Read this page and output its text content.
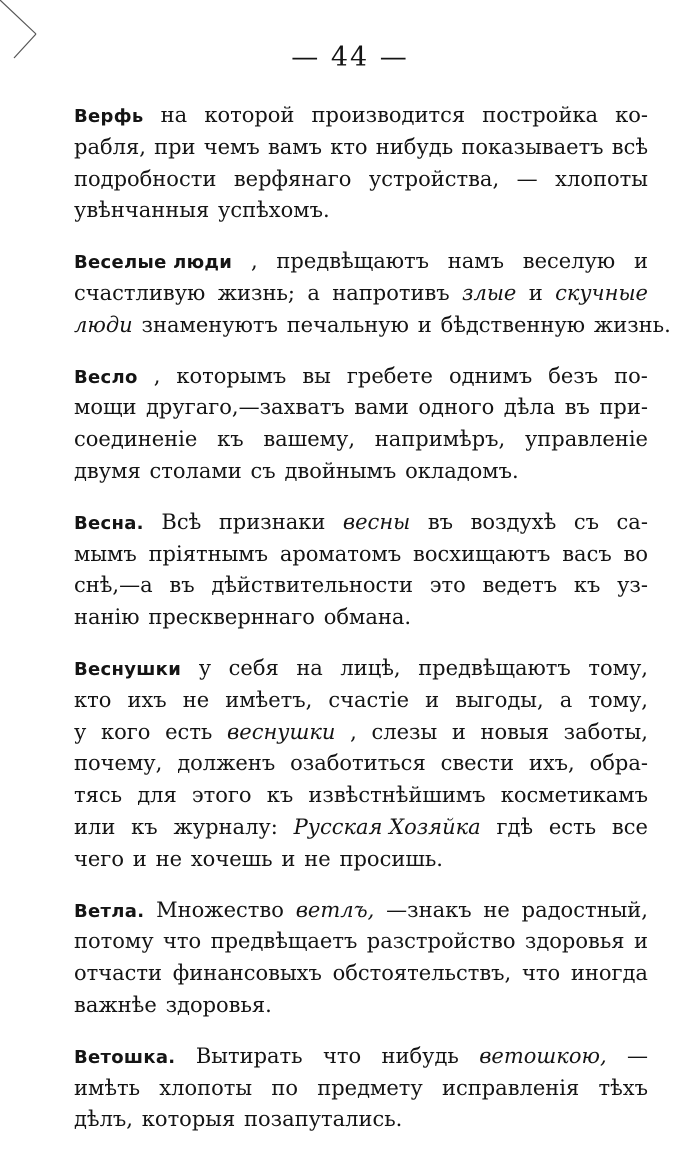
— 44 —
Верфь на которой производится постройка ко-
рабля, при чемъ вамъ кто нибудь показываетъ всѣ
подробности верфянаго устройства, — хлопоты
увѣнчанныя успѣхомъ.
Веселые люди , предвѣщаютъ намъ веселую и
счастливую жизнь; а напротивъ злые и скучные
люди знаменуютъ печальную и бѣдственную жизнь.
Весло , которымъ вы гребете однимъ безъ по-
мощи другаго,—захватъ вами одного дѣла въ при-
соединеніе къ вашему, напримѣръ, управленіе
двумя столами съ двойнымъ окладомъ.
Весна. Всѣ признаки весны въ воздухѣ съ са-
мымъ пріятнымъ ароматомъ восхищаютъ васъ во
снѣ,—а въ дѣйствительности это ведетъ къ уз-
нанію прескверннаго обмана.
Веснушки у себя на лицѣ, предвѣщаютъ тому,
кто ихъ не имѣетъ, счастіе и выгоды, а тому,
у кого есть веснушки , слезы и новыя заботы,
почему, долженъ озаботиться свести ихъ, обра-
тясь для этого къ извѣстнѣйшимъ косметикамъ
или къ журналу: Русская Хозяйка гдѣ есть все
чего и не хочешь и не просишь.
Ветла. Множество ветлъ, —знакъ не радостный,
потому что предвѣщаетъ разстройство здоровья и
отчасти финансовыхъ обстоятельствъ, что иногда
важнѣе здоровья.
Ветошка. Вытирать что нибудь ветошкою, —
имѣть хлопоты по предмету исправленія тѣхъ
дѣлъ, которыя позапутались.
